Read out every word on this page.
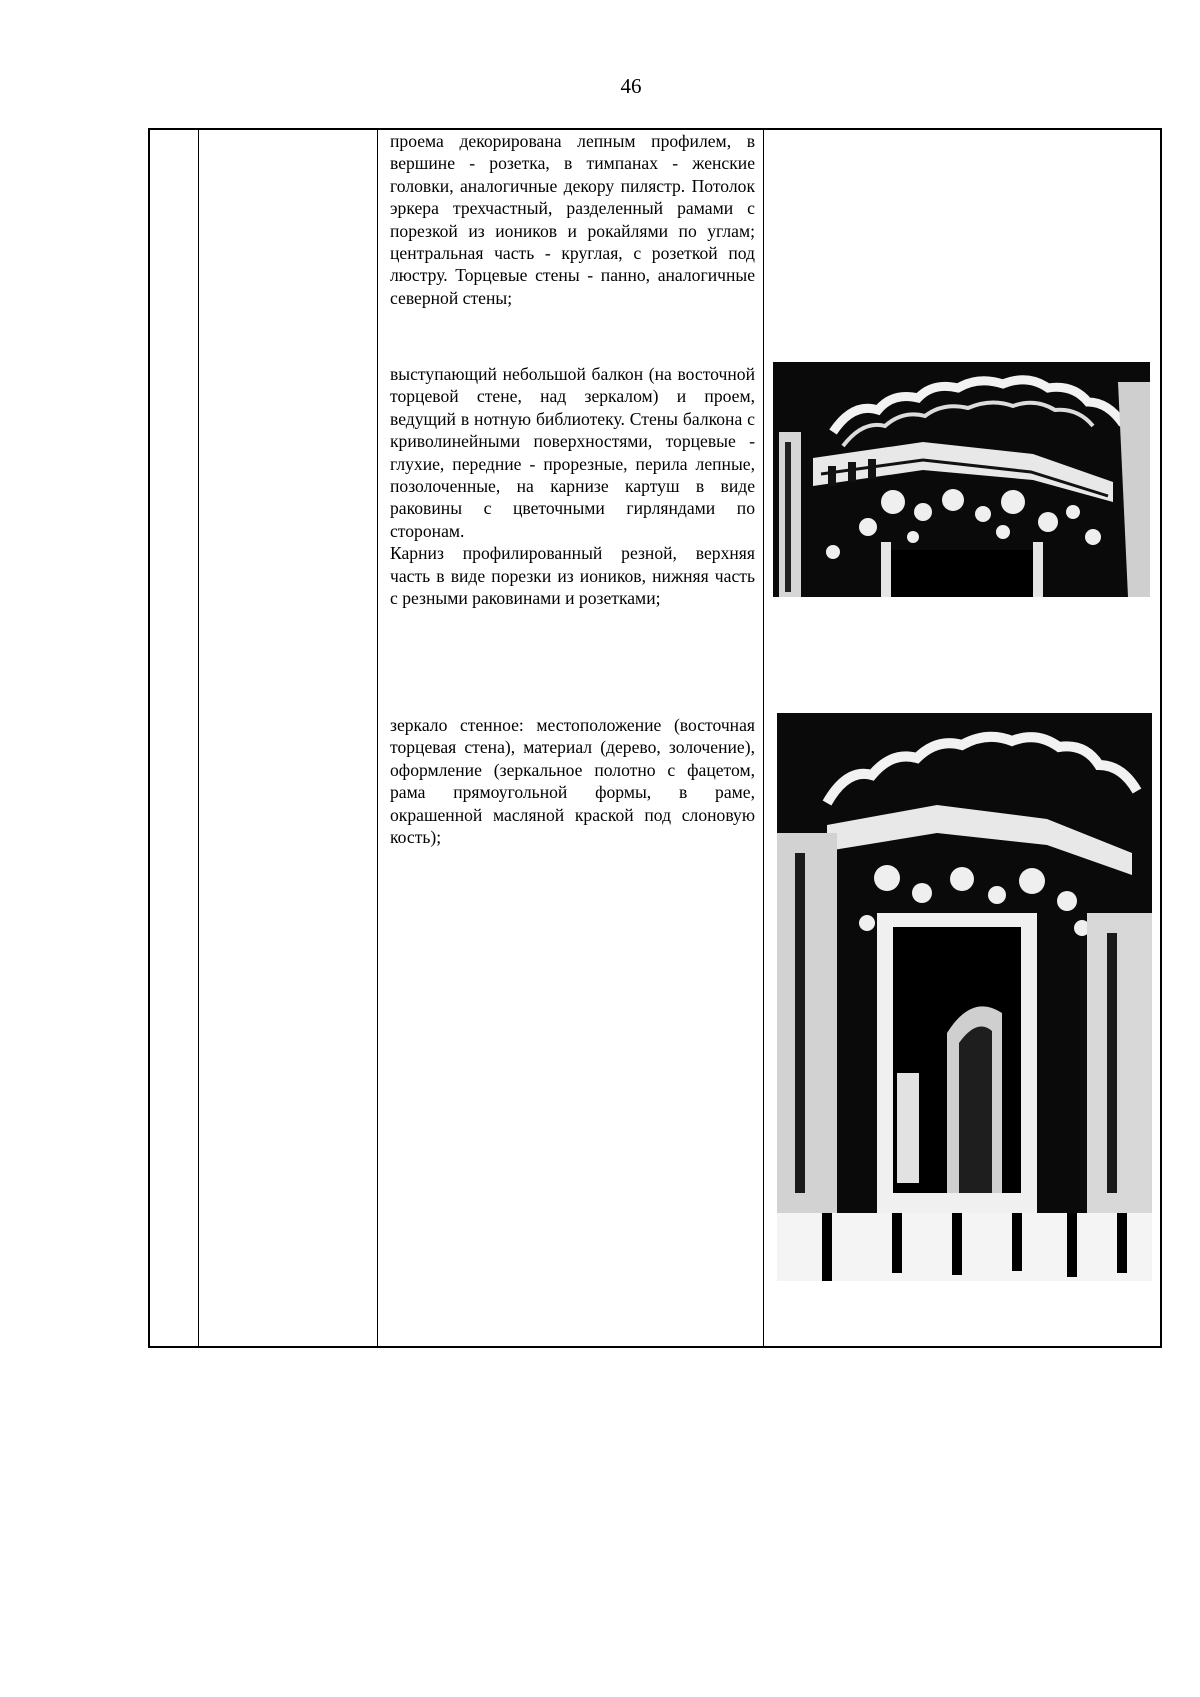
46

проема декорирована лепным профилем, в вершине - розетка, в тимпанах - женские головки, аналогичные декору пилястр. Потолок эркера трехчастный, разделенный рамами с порезкой из иоников и рокайлями по углам; центральная часть - круглая, с розеткой под люстру. Торцевые стены - панно, аналогичные северной стены;

выступающий небольшой балкон (на восточной торцевой стене, над зеркалом) и проем, ведущий в нотную библиотеку. Стены балкона с криволинейными поверхностями, торцевые - глухие, передние - прорезные, перила лепные, позолоченные, на карнизе картуш в виде раковины с цветочными гирляндами по сторонам.

Карниз профилированный резной, верхняя часть в виде порезки из иоников, нижняя часть с резными раковинами и розетками;

зеркало стенное: местоположение (восточная торцевая стена), материал (дерево, золочение), оформление (зеркальное полотно с фацетом, рама прямоугольной формы, в раме, окрашенной масляной краской под слоновую кость);
